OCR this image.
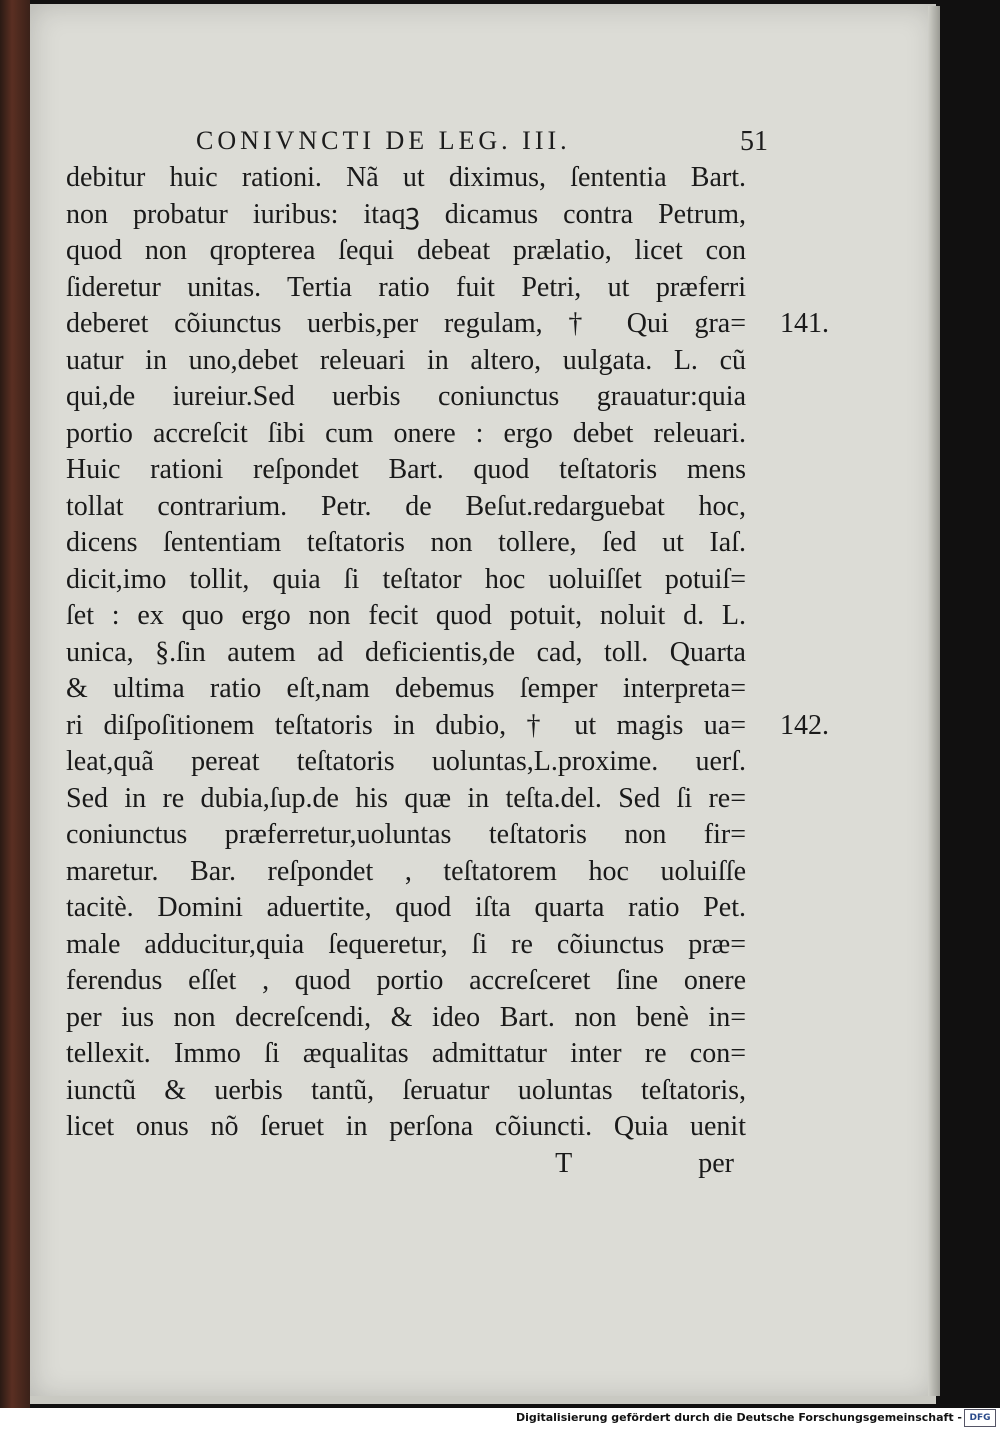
CONIVNCTI DE LEG. III.	51
debitur huic rationi. Nã ut diximus, ſententia Bart.
non probatur iuribus: itaqꝫ dicamus contra Petrum,
quod non qropterea ſequi debeat prælatio, licet con
ſideretur unitas. Tertia ratio fuit Petri, ut præferri
deberet cõiunctus uerbis,per regulam, † Qui gra=
uatur in uno,debet releuari in altero, uulgata. L. cũ
qui,de iureiur.Sed uerbis coniunctus grauatur:quia
portio accreſcit ſibi cum onere : ergo debet releuari.
Huic rationi reſpondet Bart. quod teſtatoris mens
tollat contrarium. Petr. de Beſut.redarguebat hoc,
dicens ſententiam teſtatoris non tollere, ſed ut Iaſ.
dicit,imo tollit, quia ſi teſtator hoc uoluiſſet potuiſ=
ſet : ex quo ergo non fecit quod potuit, noluit d. L.
unica, §.ſin autem ad deficientis,de cad, toll. Quarta
& ultima ratio eſt,nam debemus ſemper interpreta=
ri diſpoſitionem teſtatoris in dubio, † ut magis ua=
leat,quã pereat teſtatoris uoluntas,L.proxime. uerſ.
Sed in re dubia,ſup.de his quæ in teſta.del. Sed ſi re=
coniunctus præferretur,uoluntas teſtatoris non fir=
maretur. Bar. reſpondet , teſtatorem hoc uoluiſſe
tacitè. Domini aduertite, quod iſta quarta ratio Pet.
male adducitur,quia ſequeretur, ſi re cõiunctus præ=
ferendus eſſet , quod portio accreſceret ſine onere
per ius non decreſcendi, & ideo Bart. non benè in=
tellexit. Immo ſi æqualitas admittatur inter re con=
iunctũ & uerbis tantũ, ſeruatur uoluntas teſtatoris,
licet onus nõ ſeruet in perſona cõiuncti. Quia uenit
T	per
141.
142.
Digitalisierung gefördert durch die Deutsche Forschungsgemeinschaft - DFG
